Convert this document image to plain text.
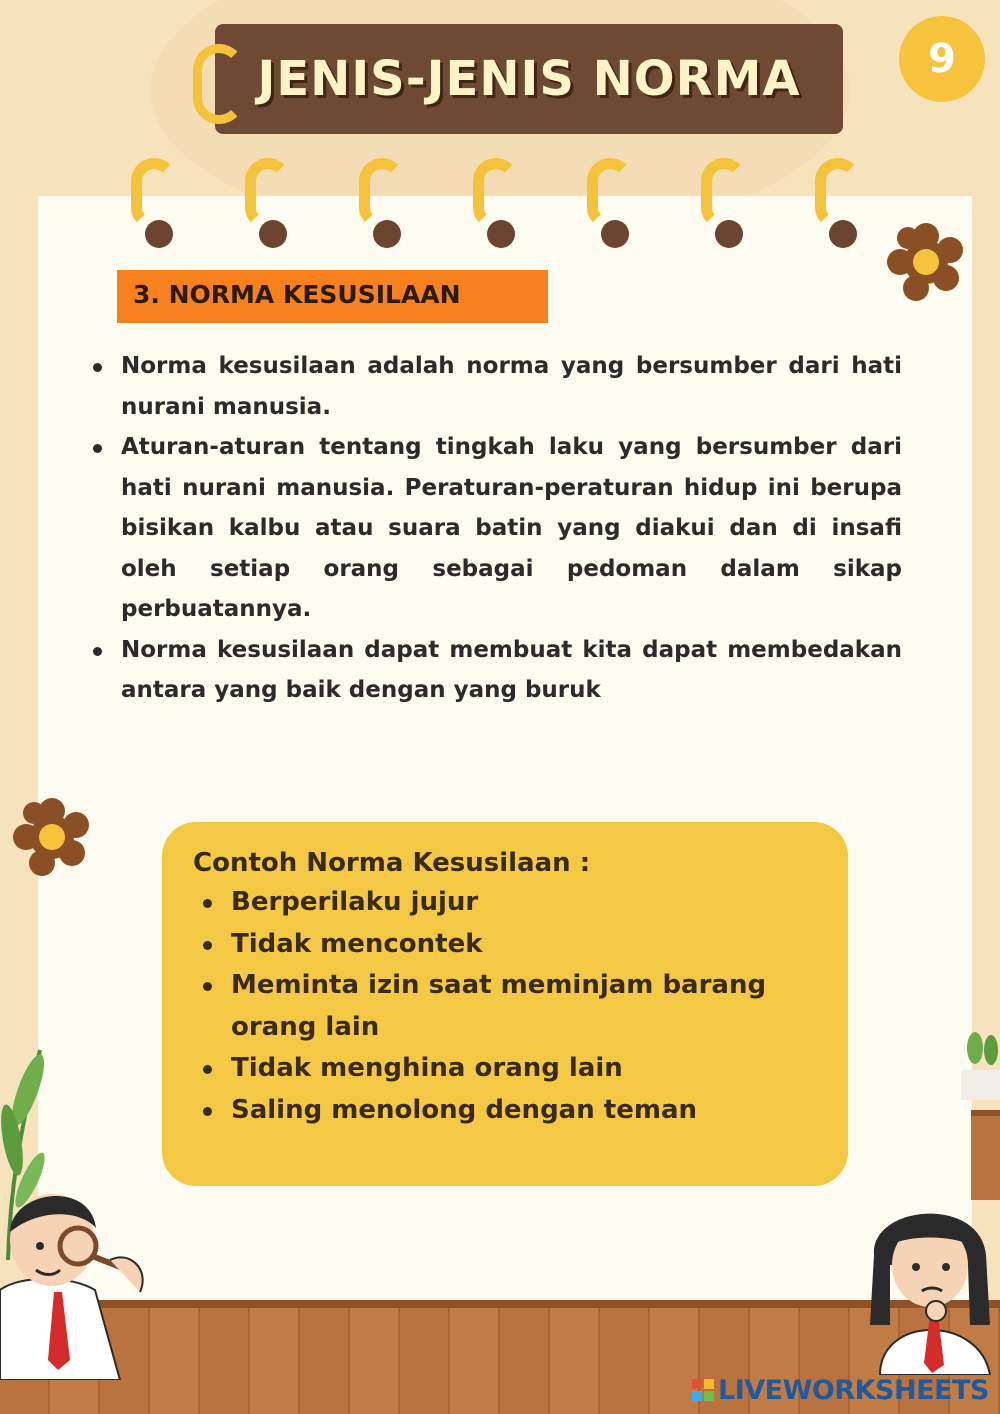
JENIS-JENIS NORMA	9
3. NORMA KESUSILAAN
Norma kesusilaan adalah norma yang bersumber dari hati nurani manusia.
Aturan-aturan tentang tingkah laku yang bersumber dari hati nurani manusia. Peraturan-peraturan hidup ini berupa bisikan kalbu atau suara batin yang diakui dan di insafi oleh setiap orang sebagai pedoman dalam sikap perbuatannya.
Norma kesusilaan dapat membuat kita dapat membedakan antara yang baik dengan yang buruk
Contoh Norma Kesusilaan :
Berperilaku jujur
Tidak mencontek
Meminta izin saat meminjam barang orang lain
Tidak menghina orang lain
Saling menolong dengan teman
LIVEWORKSHEETS
